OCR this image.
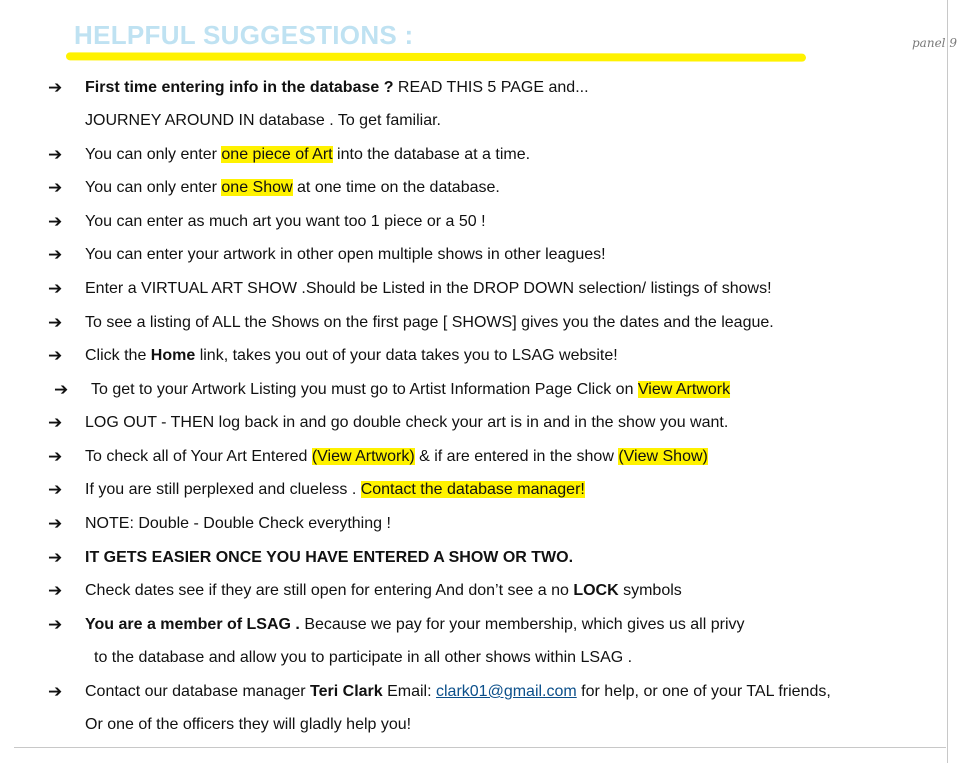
panel 9
HELPFUL SUGGESTIONS :
➔	First time entering info in the database ? READ THIS 5 PAGE and...
JOURNEY AROUND IN database . To get familiar.
➔	You can only enter one piece of Art into the database at a time.
➔	You can only enter one Show at one time on the database.
➔	You can enter as much art you want too 1 piece or a 50 !
➔	You can enter your artwork in other open multiple shows in other leagues!
➔	Enter a VIRTUAL ART SHOW .Should be Listed in the DROP DOWN selection/ listings of shows!
➔	To see a listing of ALL the Shows on the first page [ SHOWS] gives you the dates and the league.
➔	Click the Home link, takes you out of your data takes you to LSAG website!
➔	To get to your Artwork Listing you must go to Artist Information Page Click on View Artwork
➔	LOG OUT - THEN log back in and go double check your art is in and in the show you want.
➔	To check all of Your Art Entered (View Artwork) & if are entered in the show (View Show)
➔	If you are still perplexed and clueless . Contact the database manager!
➔	NOTE: Double - Double Check everything !
➔	IT GETS EASIER ONCE YOU HAVE ENTERED A SHOW OR TWO.
➔	Check dates see if they are still open for entering And don’t see a no LOCK symbols
➔	You are a member of LSAG . Because we pay for your membership, which gives us all privy
to the database and allow you to participate in all other shows within LSAG .
➔	Contact our database manager Teri Clark Email: clark01@gmail.com for help, or one of your TAL friends,
Or one of the officers they will gladly help you!
